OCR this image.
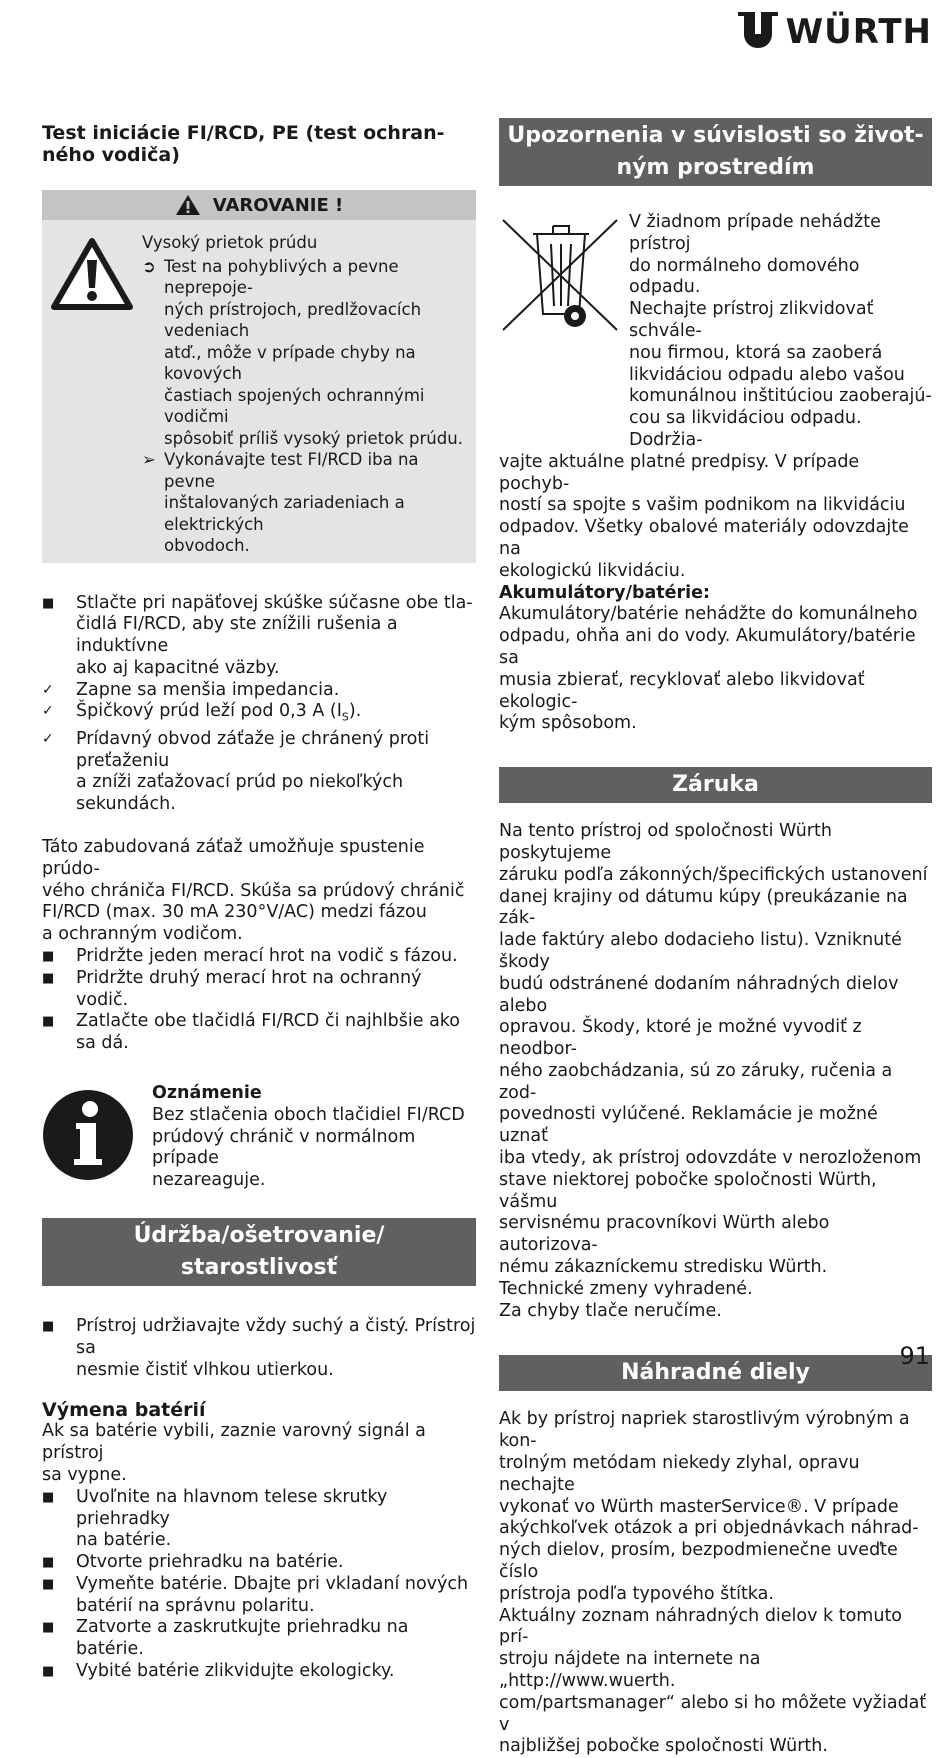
WÜRTH
Test iniciácie FI/RCD, PE (test ochran-
ného vodiča)
VAROVANIE !
Vysoký prietok prúdu
➲ Test na pohyblivých a pevne neprepoje-
ných prístrojoch, predlžovacích vedeniach
atď., môže v prípade chyby na kovových
častiach spojených ochrannými vodičmi
spôsobiť príliš vysoký prietok prúdu.
➢ Vykonávajte test FI/RCD iba na pevne
inštalovaných zariadeniach a elektrických
obvodoch.
■	Stlačte pri napäťovej skúške súčasne obe tla-
čidlá FI/RCD, aby ste znížili rušenia a induktívne
ako aj kapacitné väzby.
✓	Zapne sa menšia impedancia.
✓	Špičkový prúd leží pod 0,3 A $(I_S)$.
✓	Prídavný obvod záťaže je chránený proti preťaženiu
a zníži zaťažovací prúd po niekoľkých sekundách.
Táto zabudovaná záťaž umožňuje spustenie prúdo-
vého chrániča FI/RCD. Skúša sa prúdový chránič
FI/RCD (max. 30 mA 230°V/AC) medzi fázou
a ochranným vodičom.
■	Pridržte jeden merací hrot na vodič s fázou.
■	Pridržte druhý merací hrot na ochranný vodič.
■	Zatlačte obe tlačidlá FI/RCD či najhlbšie ako
sa dá.
Oznámenie
Bez stlačenia oboch tlačidiel FI/RCD
prúdový chránič v normálnom prípade
nezareaguje.
Údržba/ošetrovanie/
starostlivosť
■	Prístroj udržiavajte vždy suchý a čistý. Prístroj sa
nesmie čistiť vlhkou utierkou.
Výmena batérií
Ak sa batérie vybili, zaznie varovný signál a prístroj
sa vypne.
■	Uvoľnite na hlavnom telese skrutky priehradky
na batérie.
■	Otvorte priehradku na batérie.
■	Vymeňte batérie. Dbajte pri vkladaní nových
batérií na správnu polaritu.
■	Zatvorte a zaskrutkujte priehradku na batérie.
■	Vybité batérie zlikvidujte ekologicky.
Upozornenia v súvislosti so život-
ným prostredím
V žiadnom prípade nehádžte prístroj
do normálneho domového odpadu.
Nechajte prístroj zlikvidovať schvále-
nou firmou, ktorá sa zaoberá
likvidáciou odpadu alebo vašou
komunálnou inštitúciou zaoberajú-
cou sa likvidáciou odpadu. Dodržia-
vajte aktuálne platné predpisy. V prípade pochyb-
ností sa spojte s vašim podnikom na likvidáciu
odpadov. Všetky obalové materiály odovzdajte na
ekologickú likvidáciu.
Akumulátory/batérie:
Akumulátory/batérie nehádžte do komunálneho
odpadu, ohňa ani do vody. Akumulátory/batérie sa
musia zbierať, recyklovať alebo likvidovať ekologic-
kým spôsobom.
Záruka
Na tento prístroj od spoločnosti Würth poskytujeme
záruku podľa zákonných/špecifických ustanovení
danej krajiny od dátumu kúpy (preukázanie na zák-
lade faktúry alebo dodacieho listu). Vzniknuté škody
budú odstránené dodaním náhradných dielov alebo
opravou. Škody, ktoré je možné vyvodiť z neodbor-
ného zaobchádzania, sú zo záruky, ručenia a zod-
povednosti vylúčené. Reklamácie je možné uznať
iba vtedy, ak prístroj odovzdáte v nerozloženom
stave niektorej pobočke spoločnosti Würth, vášmu
servisnému pracovníkovi Würth alebo autorizova-
nému zákazníckemu stredisku Würth.
Technické zmeny vyhradené.
Za chyby tlače neručíme.
Náhradné diely
Ak by prístroj napriek starostlivým výrobným a kon-
trolným metódam niekedy zlyhal, opravu nechajte
vykonať vo Würth masterService®. V prípade
akýchkoľvek otázok a pri objednávkach náhrad-
ných dielov, prosím, bezpodmienečne uveďte číslo
prístroja podľa typového štítka.
Aktuálny zoznam náhradných dielov k tomuto prí-
stroju nájdete na internete na „http://www.wuerth.
com/partsmanager“ alebo si ho môžete vyžiadať v
najbližšej pobočke spoločnosti Würth.
91
